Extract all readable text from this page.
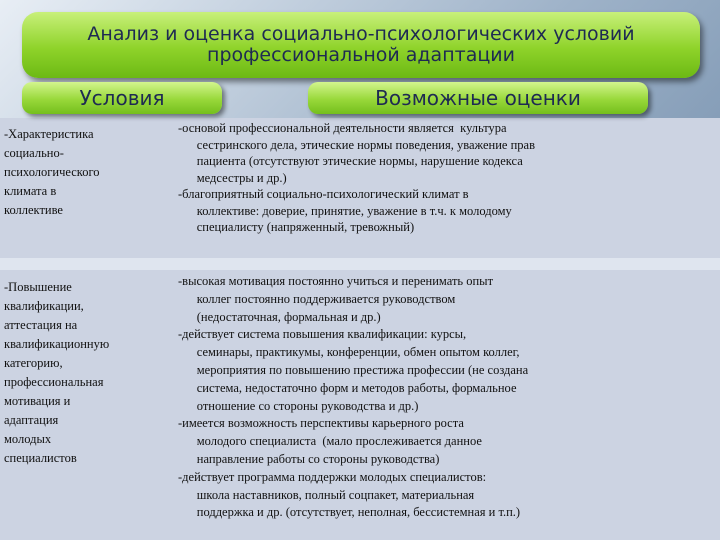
Анализ и оценка социально-психологических условий
профессиональной адаптации
Условия	Возможные оценки
-Характеристика
социально-
психологического
климата в
коллективе
-основой профессиональной деятельности является  культура
сестринского дела, этические нормы поведения, уважение прав
пациента (отсутствуют этические нормы, нарушение кодекса
медсестры и др.)
-благоприятный социально-психологический климат в
коллективе: доверие, принятие, уважение в т.ч. к молодому
специалисту (напряженный, тревожный)
-Повышение
квалификации,
аттестация на
квалификационную
категорию,
профессиональная
мотивация и
адаптация
молодых
специалистов
-высокая мотивация постоянно учиться и перенимать опыт
коллег постоянно поддерживается руководством
(недостаточная, формальная и др.)
-действует система повышения квалификации: курсы,
семинары, практикумы, конференции, обмен опытом коллег,
мероприятия по повышению престижа профессии (не создана
система, недостаточно форм и методов работы, формальное
отношение со стороны руководства и др.)
-имеется возможность перспективы карьерного роста
молодого специалиста  (мало прослеживается данное
направление работы со стороны руководства)
-действует программа поддержки молодых специалистов:
школа наставников, полный соцпакет, материальная
поддержка и др. (отсутствует, неполная, бессистемная и т.п.)
